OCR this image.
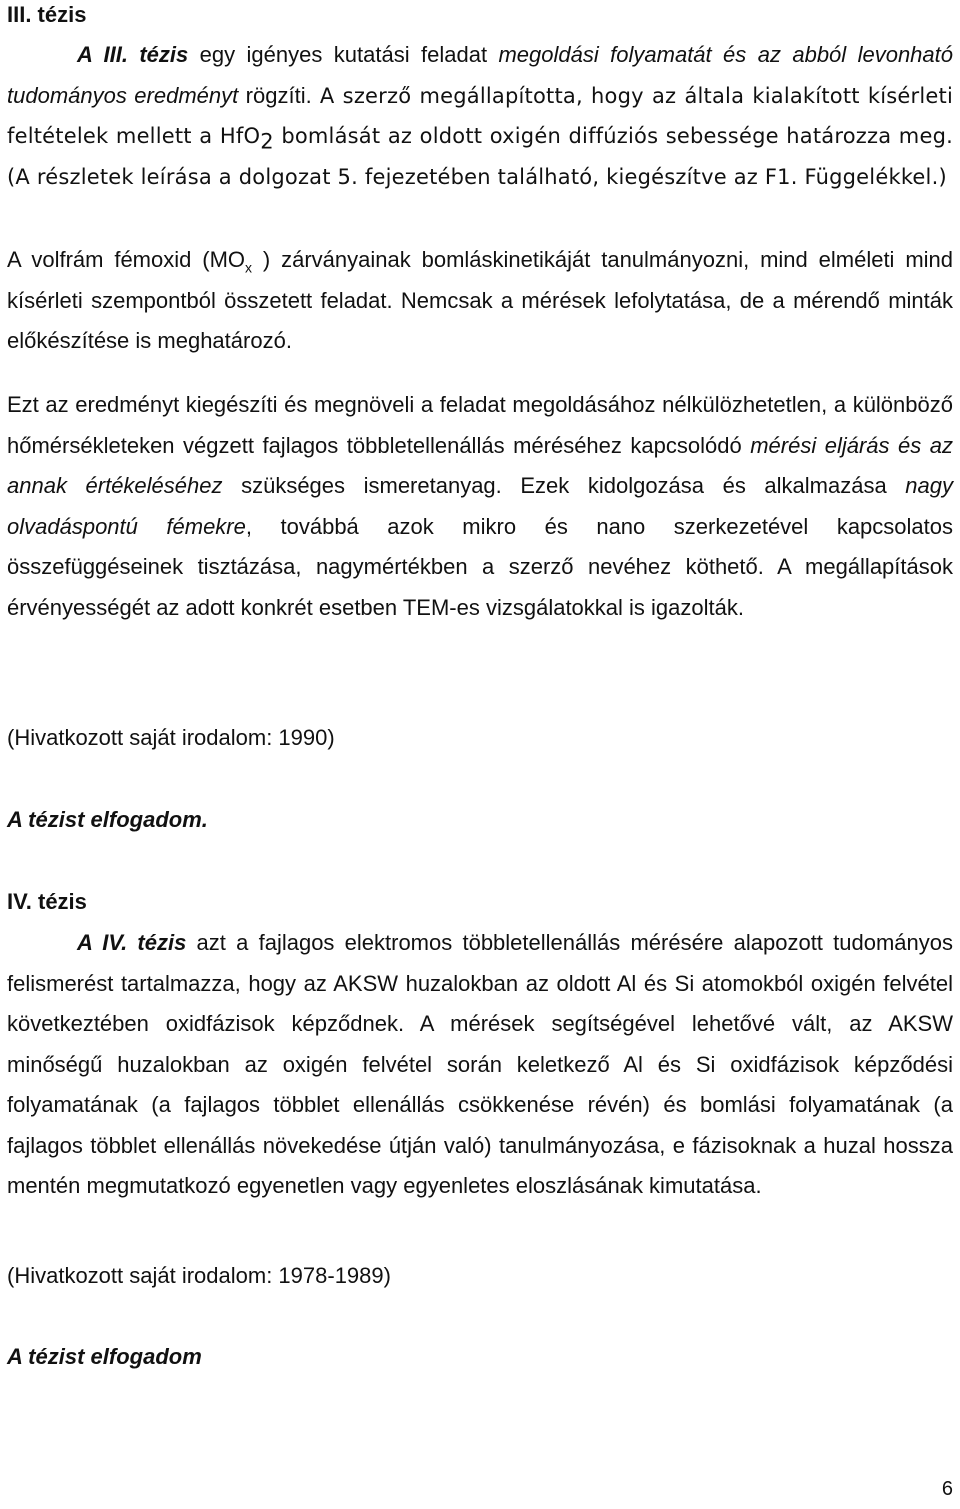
III. tézis
A III. tézis egy igényes kutatási feladat megoldási folyamatát és az abból levonható tudományos eredményt rögzíti. A szerző megállapította, hogy az általa kialakított kísérleti feltételek mellett a HfO$_2$ bomlását az oldott oxigén diffúziós sebessége határozza meg. (A részletek leírása a dolgozat 5. fejezetében található, kiegészítve az F1. Függelékkel.)
A volfrám fémoxid ($MO_x$ ) zárványainak bomláskinetikáját tanulmányozni, mind elméleti mind kísérleti szempontból összetett feladat. Nemcsak a mérések lefolytatása, de a mérendő minták előkészítése is meghatározó.
Ezt az eredményt kiegészíti és megnöveli a feladat megoldásához nélkülözhetetlen, a különböző hőmérsékleteken végzett fajlagos többletellenállás méréséhez kapcsolódó mérési eljárás és az annak értékeléséhez szükséges ismeretanyag. Ezek kidolgozása és alkalmazása nagy olvadáspontú fémekre, továbbá azok mikro és nano szerkezetével kapcsolatos összefüggéseinek tisztázása, nagymértékben a szerző nevéhez köthető. A megállapítások érvényességét az adott konkrét esetben TEM-es vizsgálatokkal is igazolták.
(Hivatkozott saját irodalom: 1990)
A tézist elfogadom.
IV. tézis
A IV. tézis azt a fajlagos elektromos többletellenállás mérésére alapozott tudományos felismerést tartalmazza, hogy az AKSW huzalokban az oldott Al és Si atomokból oxigén felvétel következtében oxidfázisok képződnek. A mérések segítségével lehetővé vált, az AKSW minőségű huzalokban az oxigén felvétel során keletkező Al és Si oxidfázisok képződési folyamatának (a fajlagos többlet ellenállás csökkenése révén) és bomlási folyamatának (a fajlagos többlet ellenállás növekedése útján való) tanulmányozása, e fázisoknak a huzal hossza mentén megmutatkozó egyenetlen vagy egyenletes eloszlásának kimutatása.
(Hivatkozott saját irodalom: 1978-1989)
A tézist elfogadom
6
